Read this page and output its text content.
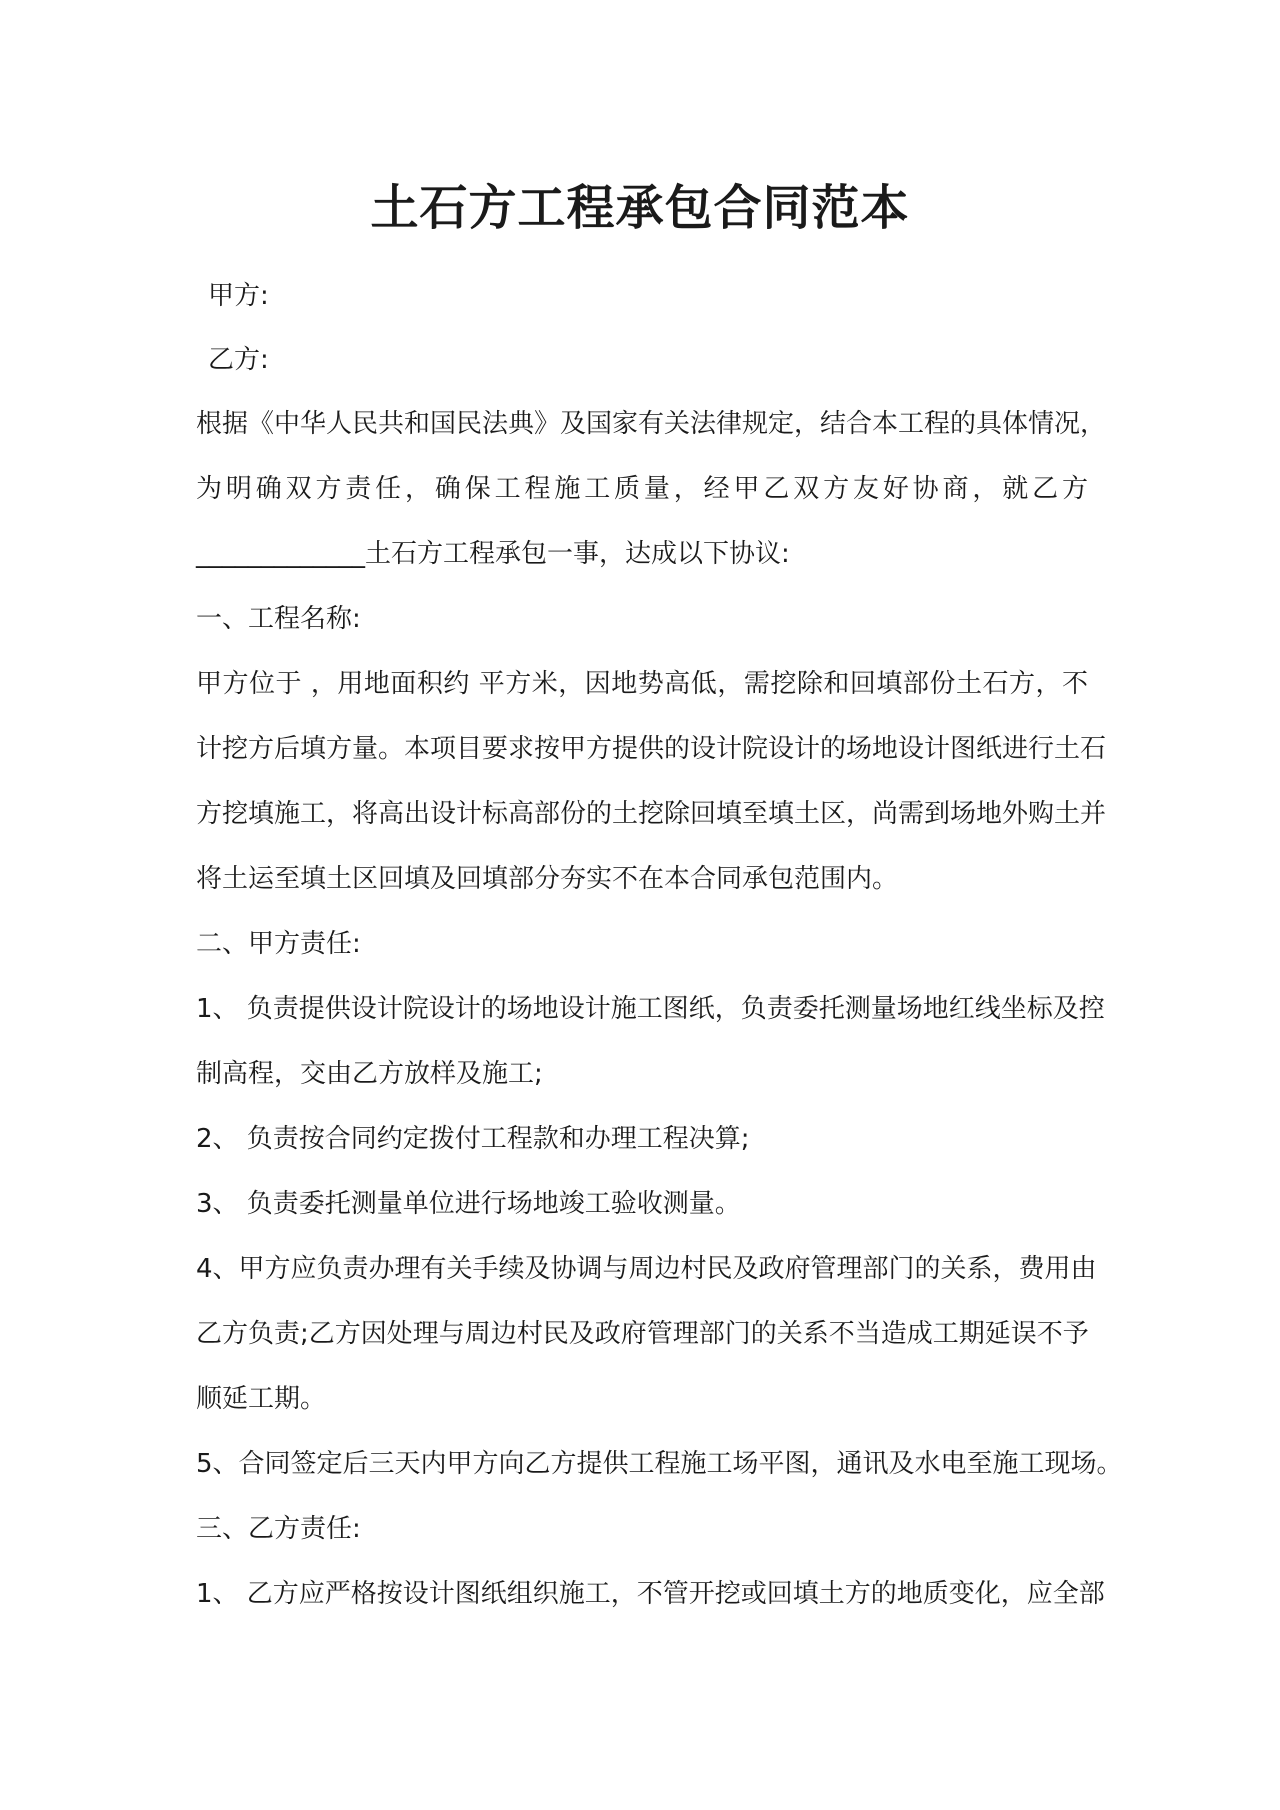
土石方工程承包合同范本
甲方:
乙方:
根据《中华人民共和国民法典》及国家有关法律规定，结合本工程的具体情况，
为明确双方责任，确保工程施工质量，经甲乙双方友好协商，就乙方
_____________土石方工程承包一事，达成以下协议:
一、工程名称:
甲方位于 ，用地面积约 平方米，因地势高低，需挖除和回填部份土石方，不
计挖方后填方量。本项目要求按甲方提供的设计院设计的场地设计图纸进行土石
方挖填施工，将高出设计标高部份的土挖除回填至填土区，尚需到场地外购土并
将土运至填土区回填及回填部分夯实不在本合同承包范围内。
二、甲方责任:
1、 负责提供设计院设计的场地设计施工图纸，负责委托测量场地红线坐标及控
制高程，交由乙方放样及施工;
2、 负责按合同约定拨付工程款和办理工程决算;
3、 负责委托测量单位进行场地竣工验收测量。
4、甲方应负责办理有关手续及协调与周边村民及政府管理部门的关系，费用由
乙方负责;乙方因处理与周边村民及政府管理部门的关系不当造成工期延误不予
顺延工期。
5、合同签定后三天内甲方向乙方提供工程施工场平图，通讯及水电至施工现场。
三、乙方责任:
1、 乙方应严格按设计图纸组织施工，不管开挖或回填土方的地质变化，应全部
